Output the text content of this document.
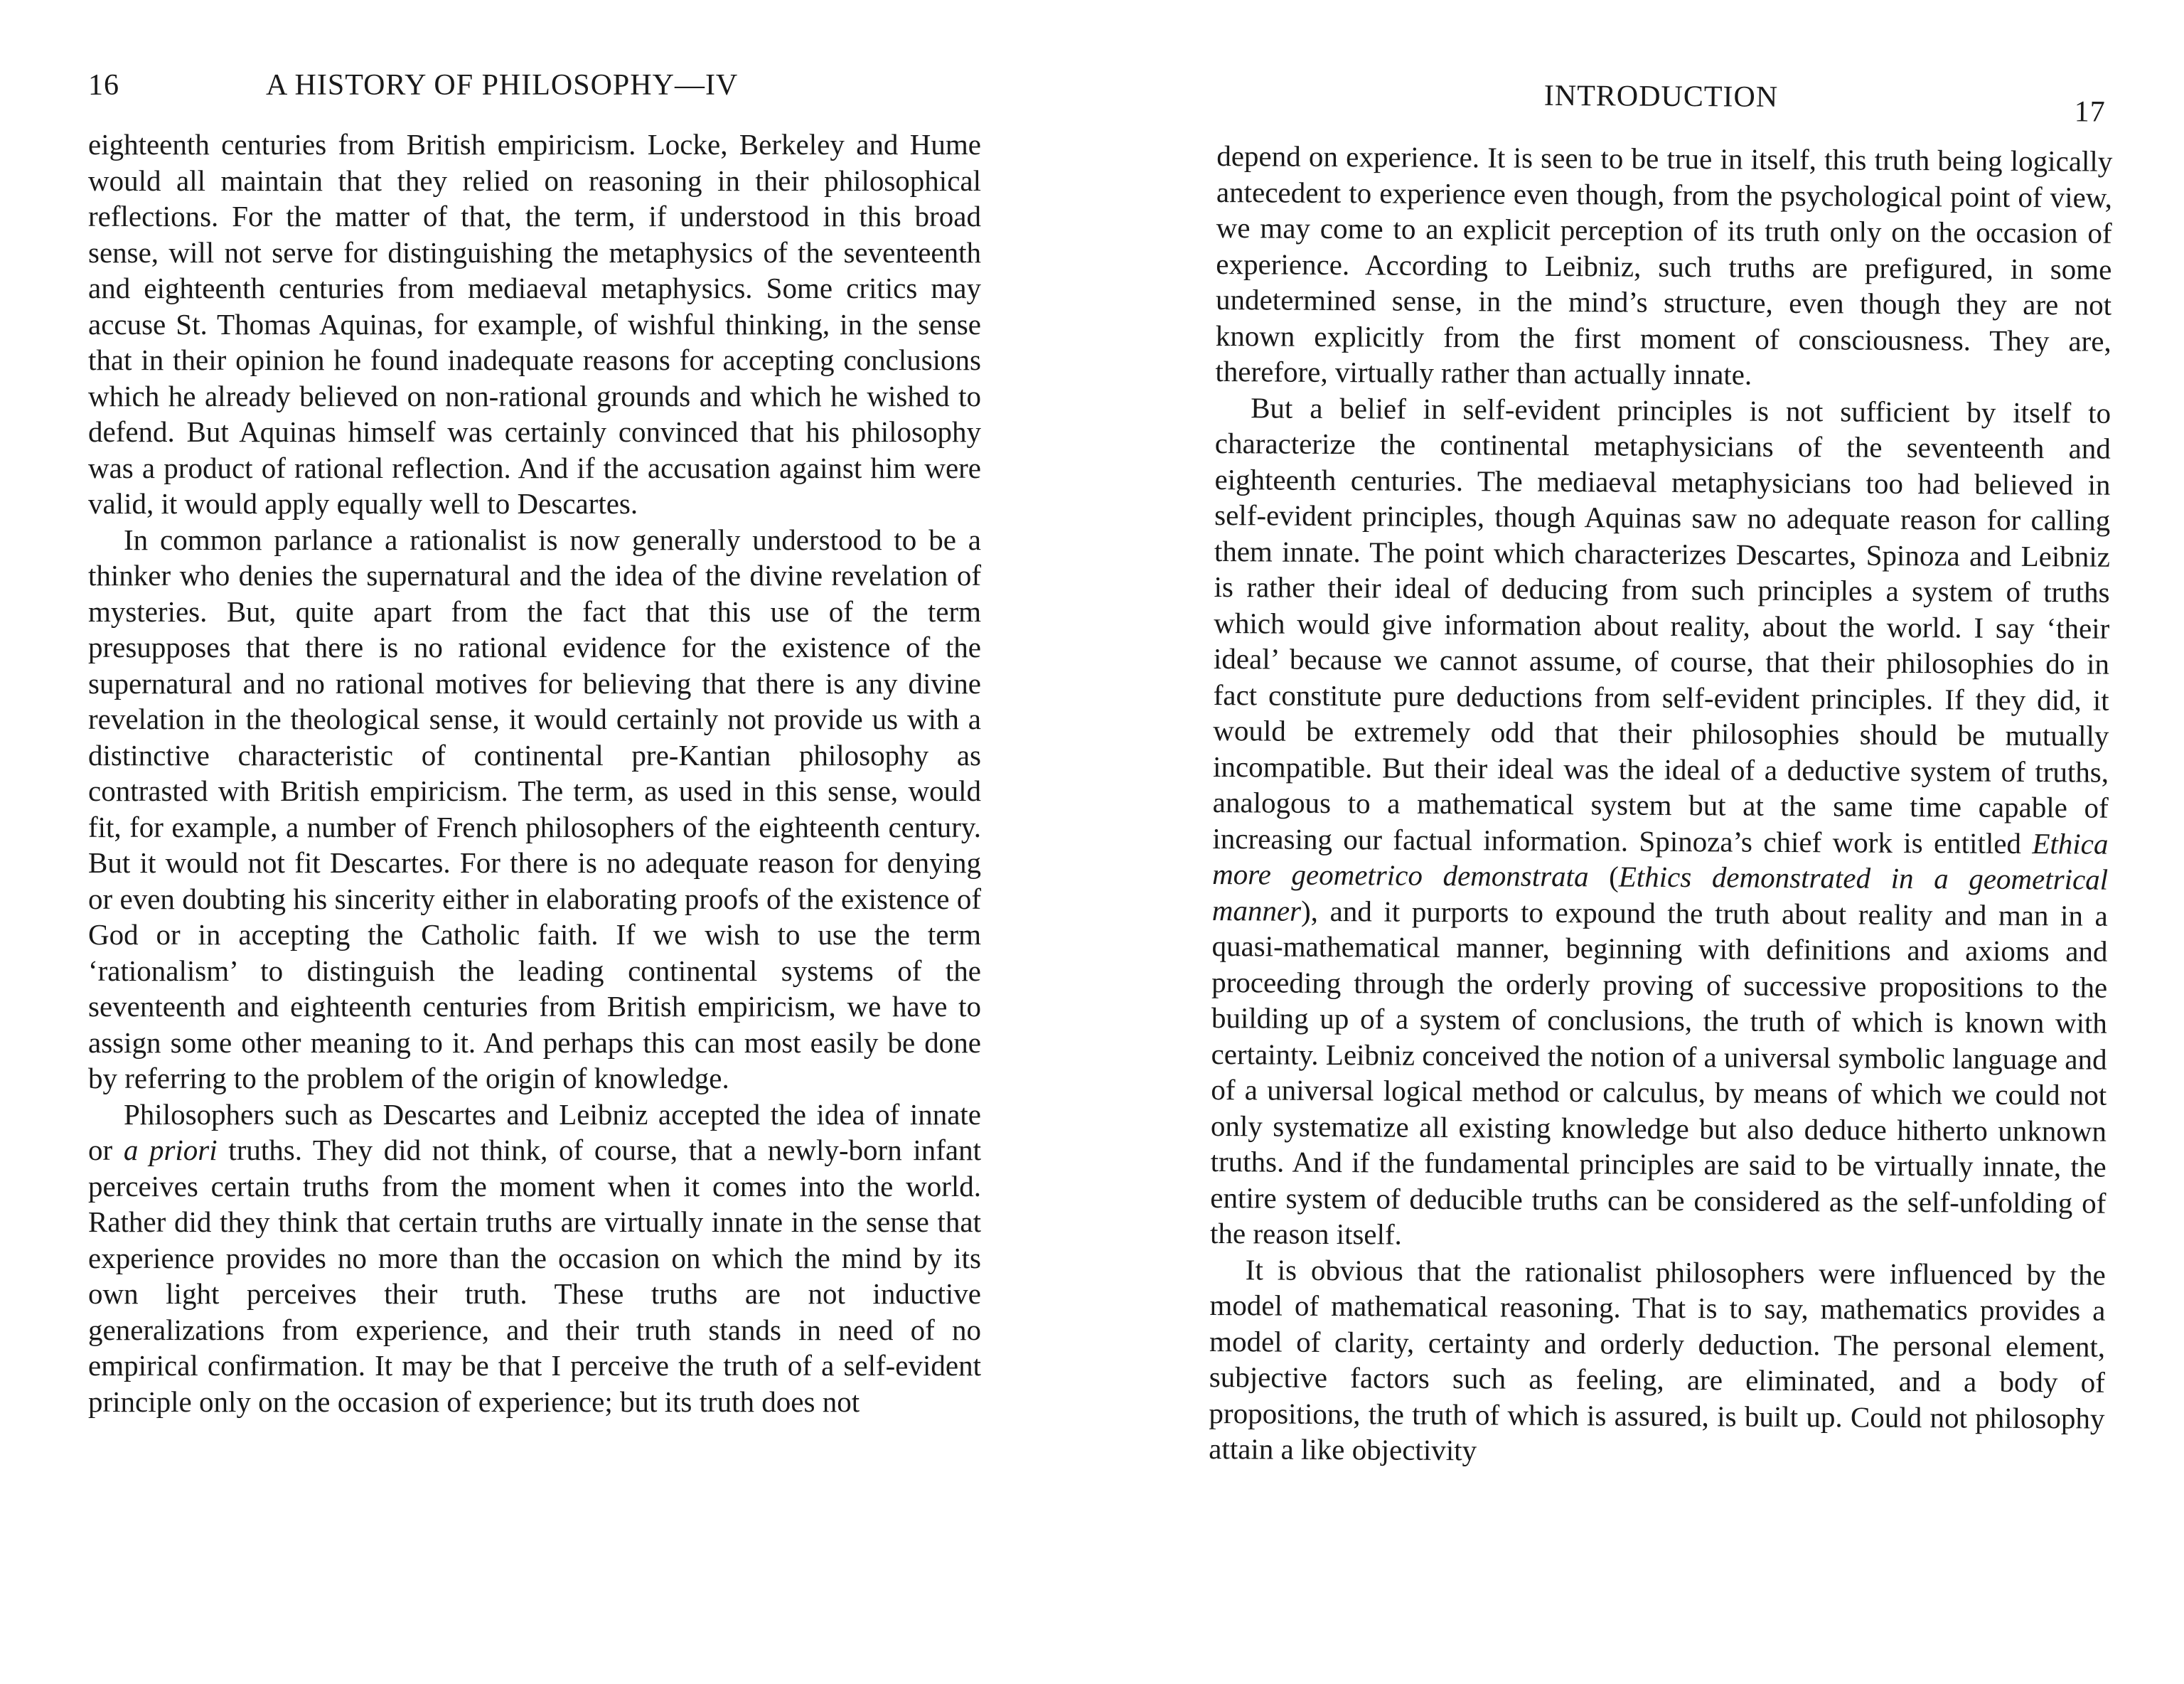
16	A HISTORY OF PHILOSOPHY—IV

eighteenth centuries from British empiricism. Locke, Berkeley and Hume would all maintain that they relied on reasoning in their philosophical reflections. For the matter of that, the term, if understood in this broad sense, will not serve for distinguishing the metaphysics of the seventeenth and eighteenth centuries from mediaeval metaphysics. Some critics may accuse St. Thomas Aquinas, for example, of wishful thinking, in the sense that in their opinion he found inadequate reasons for accepting conclusions which he already believed on non-rational grounds and which he wished to defend. But Aquinas himself was certainly convinced that his philosophy was a product of rational reflection. And if the accusation against him were valid, it would apply equally well to Descartes.

In common parlance a rationalist is now generally understood to be a thinker who denies the supernatural and the idea of the divine revelation of mysteries. But, quite apart from the fact that this use of the term presupposes that there is no rational evidence for the existence of the supernatural and no rational motives for believing that there is any divine revelation in the theological sense, it would certainly not provide us with a distinctive characteristic of continental pre-Kantian philosophy as contrasted with British empiricism. The term, as used in this sense, would fit, for example, a number of French philosophers of the eighteenth century. But it would not fit Descartes. For there is no adequate reason for denying or even doubting his sincerity either in elaborating proofs of the existence of God or in accepting the Catholic faith. If we wish to use the term ‘rationalism’ to distinguish the leading continental systems of the seventeenth and eighteenth centuries from British empiricism, we have to assign some other meaning to it. And perhaps this can most easily be done by referring to the problem of the origin of knowledge.

Philosophers such as Descartes and Leibniz accepted the idea of innate or a priori truths. They did not think, of course, that a newly-born infant perceives certain truths from the moment when it comes into the world. Rather did they think that certain truths are virtually innate in the sense that experience provides no more than the occasion on which the mind by its own light perceives their truth. These truths are not inductive generalizations from experience, and their truth stands in need of no empirical confirmation. It may be that I perceive the truth of a self-evident principle only on the occasion of experience; but its truth does not

INTRODUCTION	17

depend on experience. It is seen to be true in itself, this truth being logically antecedent to experience even though, from the psychological point of view, we may come to an explicit perception of its truth only on the occasion of experience. According to Leibniz, such truths are prefigured, in some undetermined sense, in the mind’s structure, even though they are not known explicitly from the first moment of consciousness. They are, therefore, virtually rather than actually innate.

But a belief in self-evident principles is not sufficient by itself to characterize the continental metaphysicians of the seventeenth and eighteenth centuries. The mediaeval metaphysicians too had believed in self-evident principles, though Aquinas saw no adequate reason for calling them innate. The point which characterizes Descartes, Spinoza and Leibniz is rather their ideal of deducing from such principles a system of truths which would give information about reality, about the world. I say ‘their ideal’ because we cannot assume, of course, that their philosophies do in fact constitute pure deductions from self-evident principles. If they did, it would be extremely odd that their philosophies should be mutually incompatible. But their ideal was the ideal of a deductive system of truths, analogous to a mathematical system but at the same time capable of increasing our factual information. Spinoza’s chief work is entitled Ethica more geometrico demonstrata (Ethics demonstrated in a geometrical manner), and it purports to expound the truth about reality and man in a quasi-mathematical manner, beginning with definitions and axioms and proceeding through the orderly proving of successive propositions to the building up of a system of conclusions, the truth of which is known with certainty. Leibniz conceived the notion of a universal symbolic language and of a universal logical method or calculus, by means of which we could not only systematize all existing knowledge but also deduce hitherto unknown truths. And if the fundamental principles are said to be virtually innate, the entire system of deducible truths can be considered as the self-unfolding of the reason itself.

It is obvious that the rationalist philosophers were influenced by the model of mathematical reasoning. That is to say, mathematics provides a model of clarity, certainty and orderly deduction. The personal element, subjective factors such as feeling, are eliminated, and a body of propositions, the truth of which is assured, is built up. Could not philosophy attain a like objectivity
